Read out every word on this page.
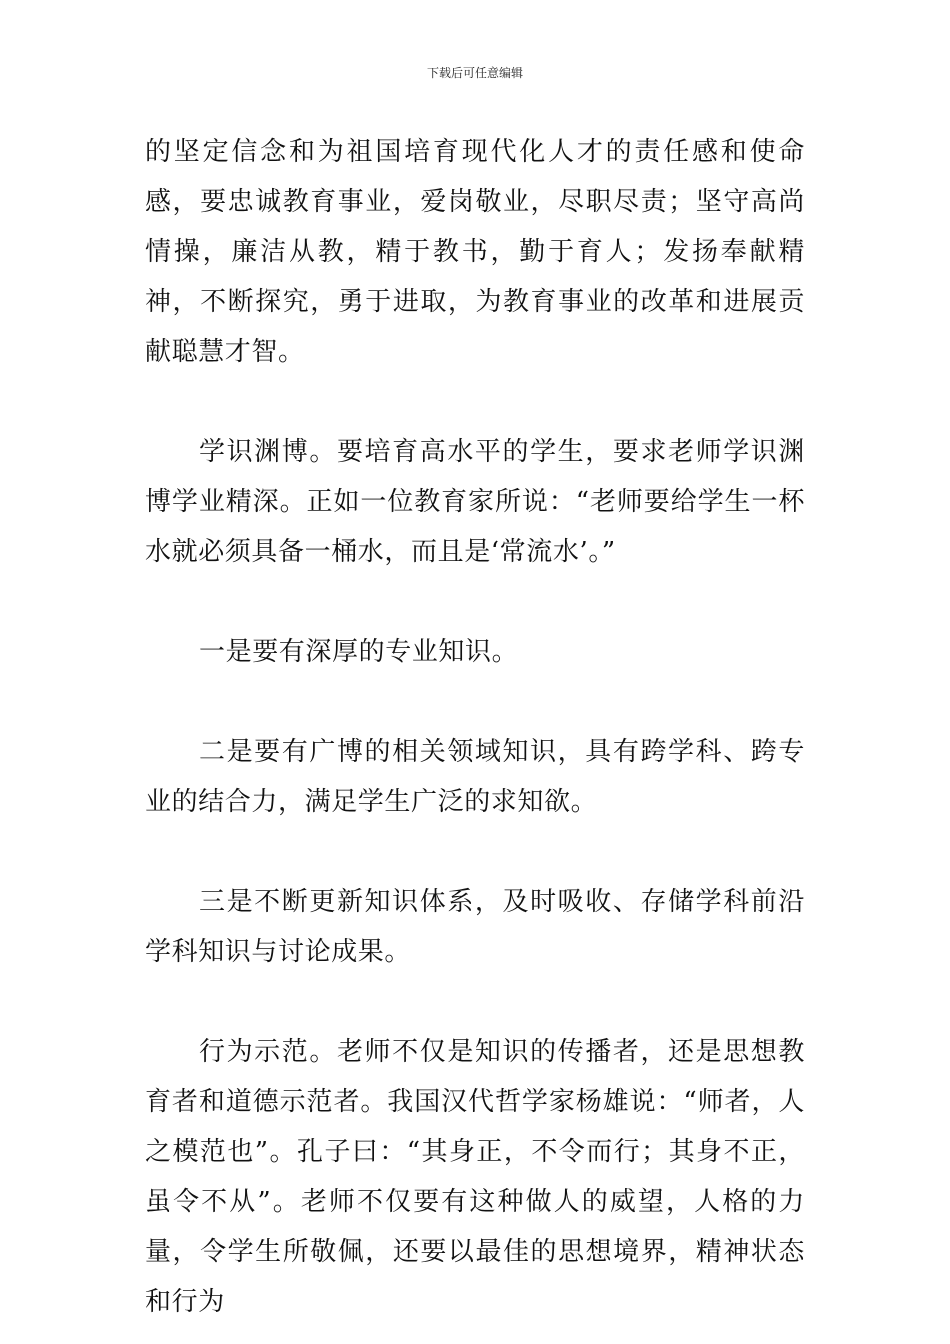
下载后可任意编辑

的坚定信念和为祖国培育现代化人才的责任感和使命感，要忠诚教育事业，爱岗敬业，尽职尽责；坚守高尚情操，廉洁从教，精于教书，勤于育人；发扬奉献精神，不断探究，勇于进取，为教育事业的改革和进展贡献聪慧才智。

学识渊博。要培育高水平的学生，要求老师学识渊博学业精深。正如一位教育家所说：“老师要给学生一杯水就必须具备一桶水，而且是‘常流水’。”

一是要有深厚的专业知识。

二是要有广博的相关领域知识，具有跨学科、跨专业的结合力，满足学生广泛的求知欲。

三是不断更新知识体系，及时吸收、存储学科前沿学科知识与讨论成果。

行为示范。老师不仅是知识的传播者，还是思想教育者和道德示范者。我国汉代哲学家杨雄说：“师者，人之模范也”。孔子曰：“其身正，不令而行；其身不正，虽令不从”。老师不仅要有这种做人的威望，人格的力量，令学生所敬佩，还要以最佳的思想境界，精神状态和行为
